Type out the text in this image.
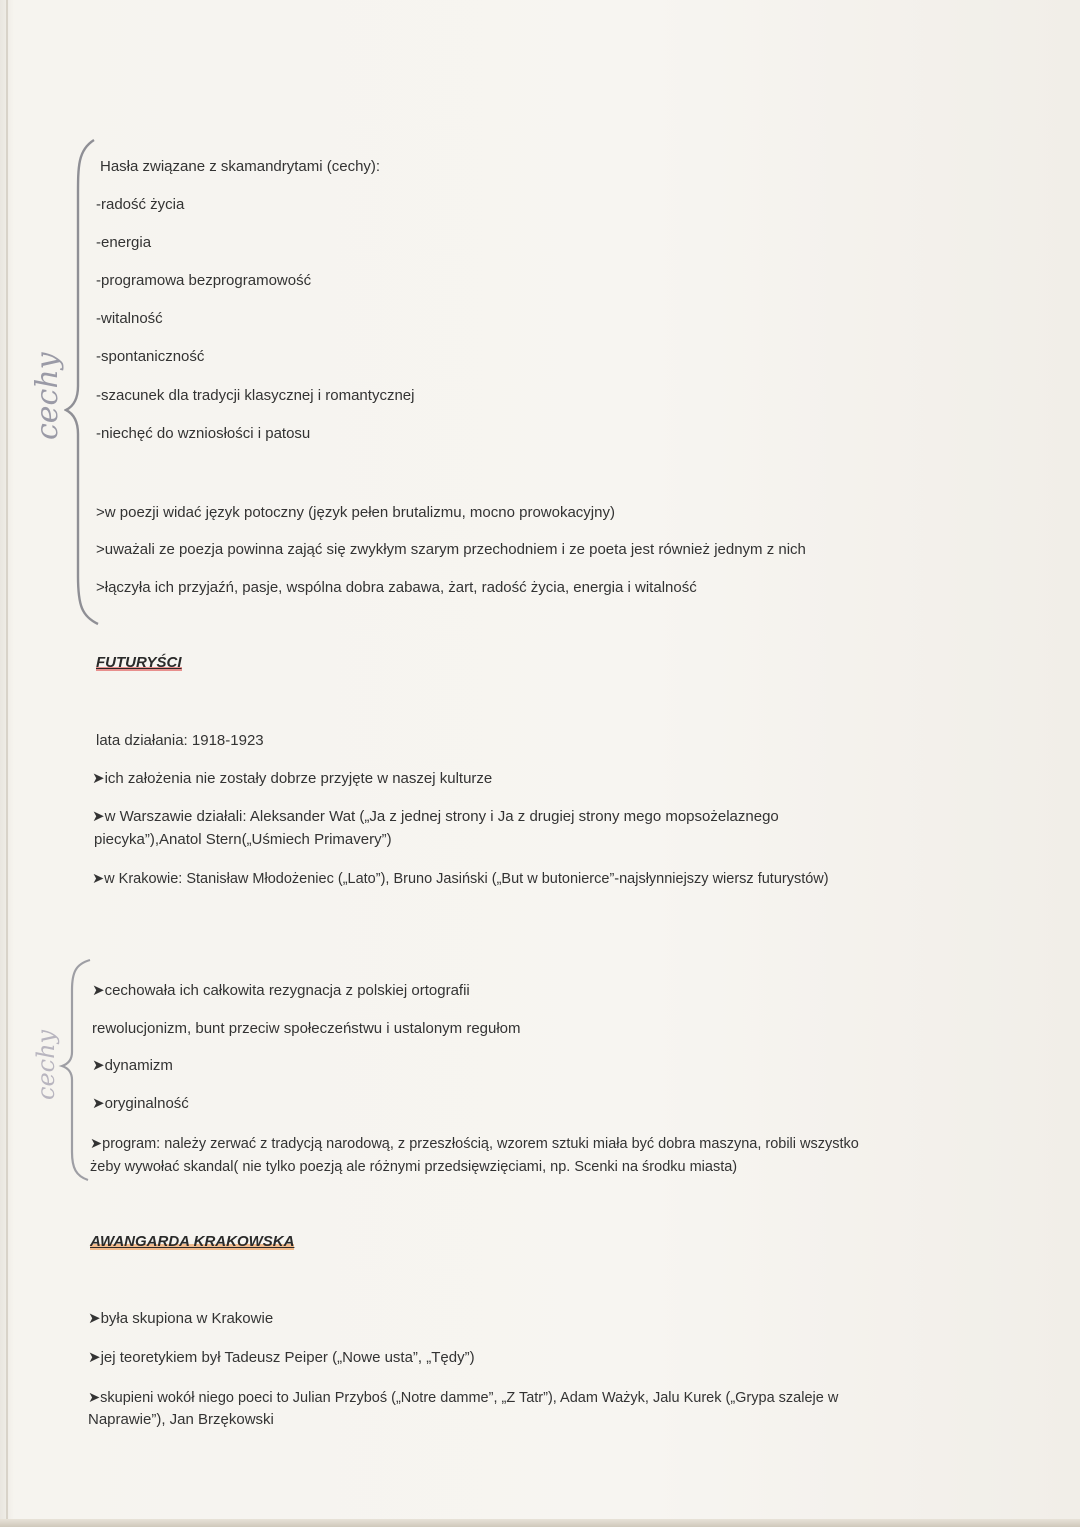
cechy
Hasła związane z skamandrytami (cechy):
-radość życia
-energia
-programowa bezprogramowość
-witalność
-spontaniczność
-szacunek dla tradycji klasycznej i romantycznej
-niechęć do wzniosłości i patosu
>w poezji widać język potoczny (język pełen brutalizmu, mocno prowokacyjny)
>uważali ze poezja powinna zająć się zwykłym szarym przechodniem i ze poeta jest również jednym z nich
>łączyła ich przyjaźń, pasje, wspólna dobra zabawa, żart, radość życia, energia i witalność
FUTURYŚCI
lata działania: 1918-1923
➤ich założenia nie zostały dobrze przyjęte w naszej kulturze
➤w Warszawie działali: Aleksander Wat („Ja z jednej strony i Ja z drugiej strony mego mopsożelaznego
piecyka”),Anatol Stern(„Uśmiech Primavery”)
➤w Krakowie: Stanisław Młodożeniec („Lato”), Bruno Jasiński („But w butonierce”-najsłynniejszy wiersz futurystów)
cechy
➤cechowała ich całkowita rezygnacja z polskiej ortografii
rewolucjonizm, bunt przeciw społeczeństwu i ustalonym regułom
➤dynamizm
➤oryginalność
➤program: należy zerwać z tradycją narodową, z przeszłością, wzorem sztuki miała być dobra maszyna, robili wszystko
żeby wywołać skandal( nie tylko poezją ale różnymi przedsięwzięciami, np. Scenki na środku miasta)
AWANGARDA KRAKOWSKA
➤była skupiona w Krakowie
➤jej teoretykiem był Tadeusz Peiper („Nowe usta”, „Tędy”)
➤skupieni wokół niego poeci to Julian Przyboś („Notre damme”, „Z Tatr”), Adam Ważyk, Jalu Kurek („Grypa szaleje w
Naprawie”), Jan Brzękowski
